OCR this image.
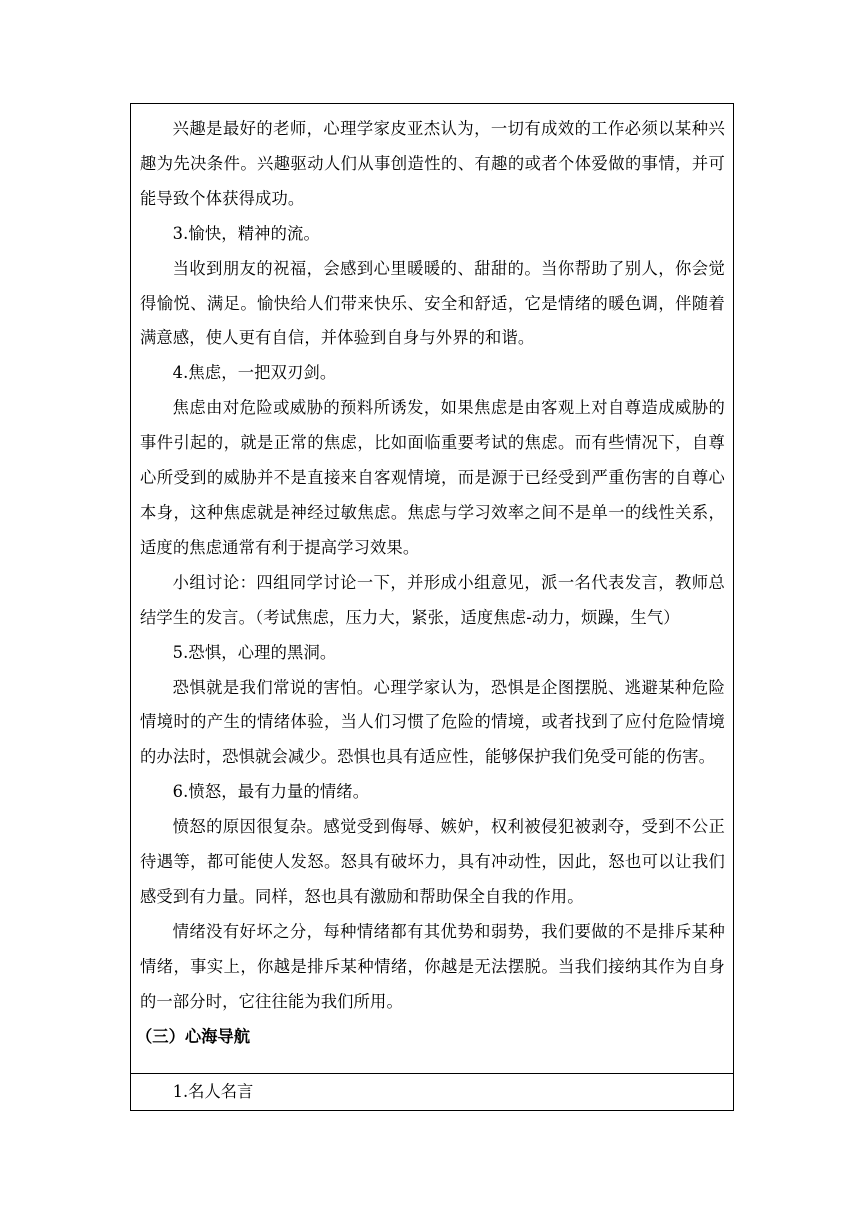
兴趣是最好的老师，心理学家皮亚杰认为，一切有成效的工作必须以某种兴趣为先决条件。兴趣驱动人们从事创造性的、有趣的或者个体爱做的事情，并可能导致个体获得成功。

3.愉快，精神的流。

当收到朋友的祝福，会感到心里暖暖的、甜甜的。当你帮助了别人，你会觉得愉悦、满足。愉快给人们带来快乐、安全和舒适，它是情绪的暖色调，伴随着满意感，使人更有自信，并体验到自身与外界的和谐。

4.焦虑，一把双刃剑。

焦虑由对危险或威胁的预料所诱发，如果焦虑是由客观上对自尊造成威胁的事件引起的，就是正常的焦虑，比如面临重要考试的焦虑。而有些情况下，自尊心所受到的威胁并不是直接来自客观情境，而是源于已经受到严重伤害的自尊心本身，这种焦虑就是神经过敏焦虑。焦虑与学习效率之间不是单一的线性关系，适度的焦虑通常有利于提高学习效果。

小组讨论：四组同学讨论一下，并形成小组意见，派一名代表发言，教师总结学生的发言。（考试焦虑，压力大，紧张，适度焦虑-动力，烦躁，生气）

5.恐惧，心理的黑洞。

恐惧就是我们常说的害怕。心理学家认为，恐惧是企图摆脱、逃避某种危险情境时的产生的情绪体验，当人们习惯了危险的情境，或者找到了应付危险情境的办法时，恐惧就会减少。恐惧也具有适应性，能够保护我们免受可能的伤害。

6.愤怒，最有力量的情绪。

愤怒的原因很复杂。感觉受到侮辱、嫉妒，权利被侵犯被剥夺，受到不公正待遇等，都可能使人发怒。怒具有破坏力，具有冲动性，因此，怒也可以让我们感受到有力量。同样，怒也具有激励和帮助保全自我的作用。

情绪没有好坏之分，每种情绪都有其优势和弱势，我们要做的不是排斥某种情绪，事实上，你越是排斥某种情绪，你越是无法摆脱。当我们接纳其作为自身的一部分时，它往往能为我们所用。

（三）心海导航

1.名人名言
